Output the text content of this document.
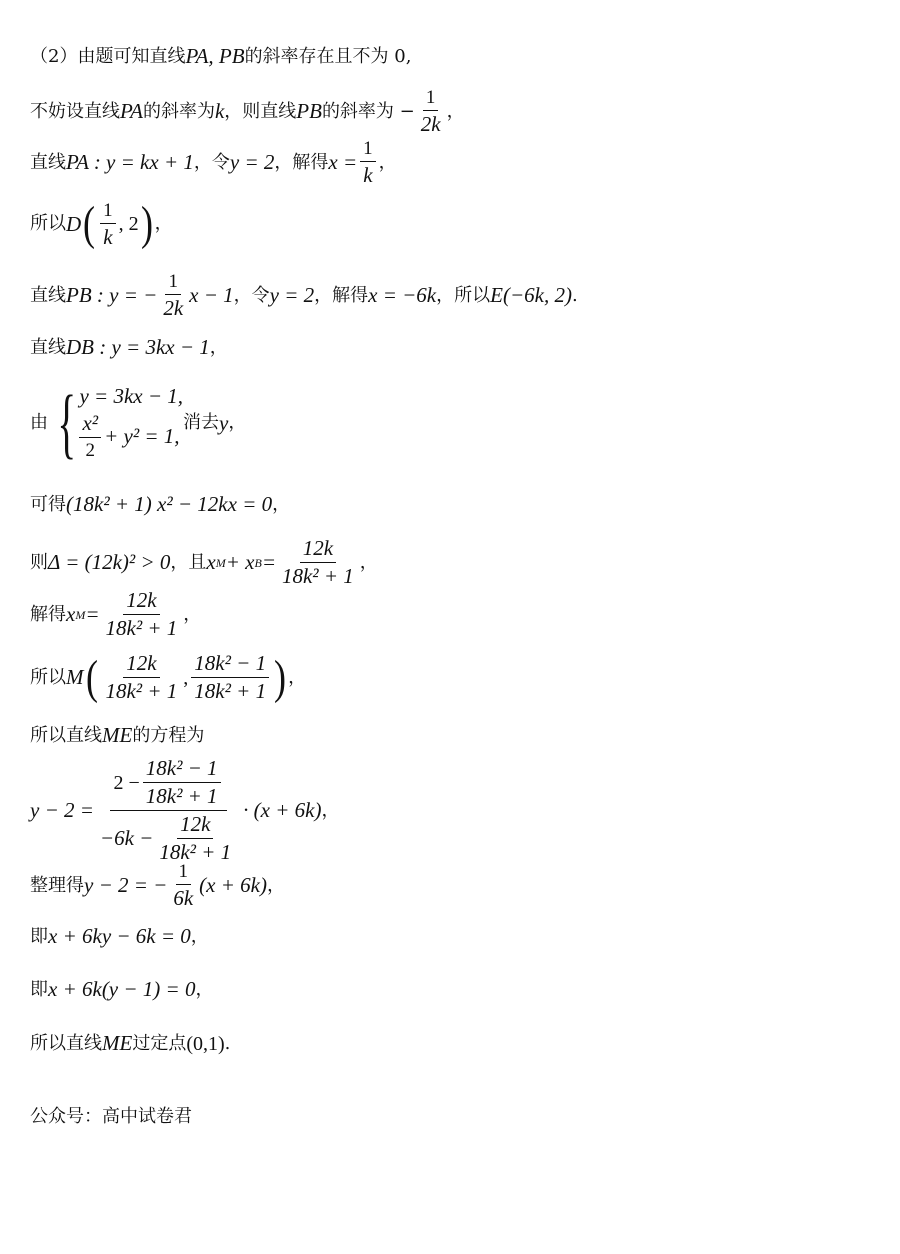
（2）由题可知直线 PA, PB 的斜率存在且不为 0,
不妨设直线 PA 的斜率为 k ，则直线 PB 的斜率为 − $\frac{1}{2k}$ ，
直线 PA : y = kx + 1 ，令 y = 2 ，解得 $x = \frac{1}{k}$ ，
所以 D ( $\frac{1}{k}$ , 2 ) ，
直线 PB : y = − $\frac{1}{2k}$ x − 1 ，令 y = 2 ，解得 x = −6k ，所以 E(−6k, 2) .
直线 DB : y = 3kx − 1 ，
由 { y = 3kx − 1,
$\frac{\text{x²}}{2} + y^2 = 1$,
消去 y ，
可得 (18k² + 1) x² − 12kx = 0 ，
则 Δ = (12k)² > 0 ，且 x M + x $B = \frac{12k}{\text{18k² + 1}}$ ，
解得 x $M = \frac{12k}{\text{18k² + 1}}$ ，
所以 M ( $\frac{12k}{\text{18k² + 1}}$ , $\frac{\text{18k² − 1}}{\text{18k² + 1}}$ ) ，
所以直线 ME 的方程为
$y - 2 = \frac{2 - \frac{\text{18k² − 1}}{\text{18k² + 1}}}{-6k - \frac{12k}{\text{18k² + 1}}} \cdot (x + 6k)$ ，
整理得 y − 2 = − $\frac{1}{6k} (x + 6k)$ ，
即 x + 6ky − 6k = 0 ，
即 x + 6k(y − 1) = 0 ，
所以直线 ME 过定点 (0,1) .
公众号：高中试卷君
